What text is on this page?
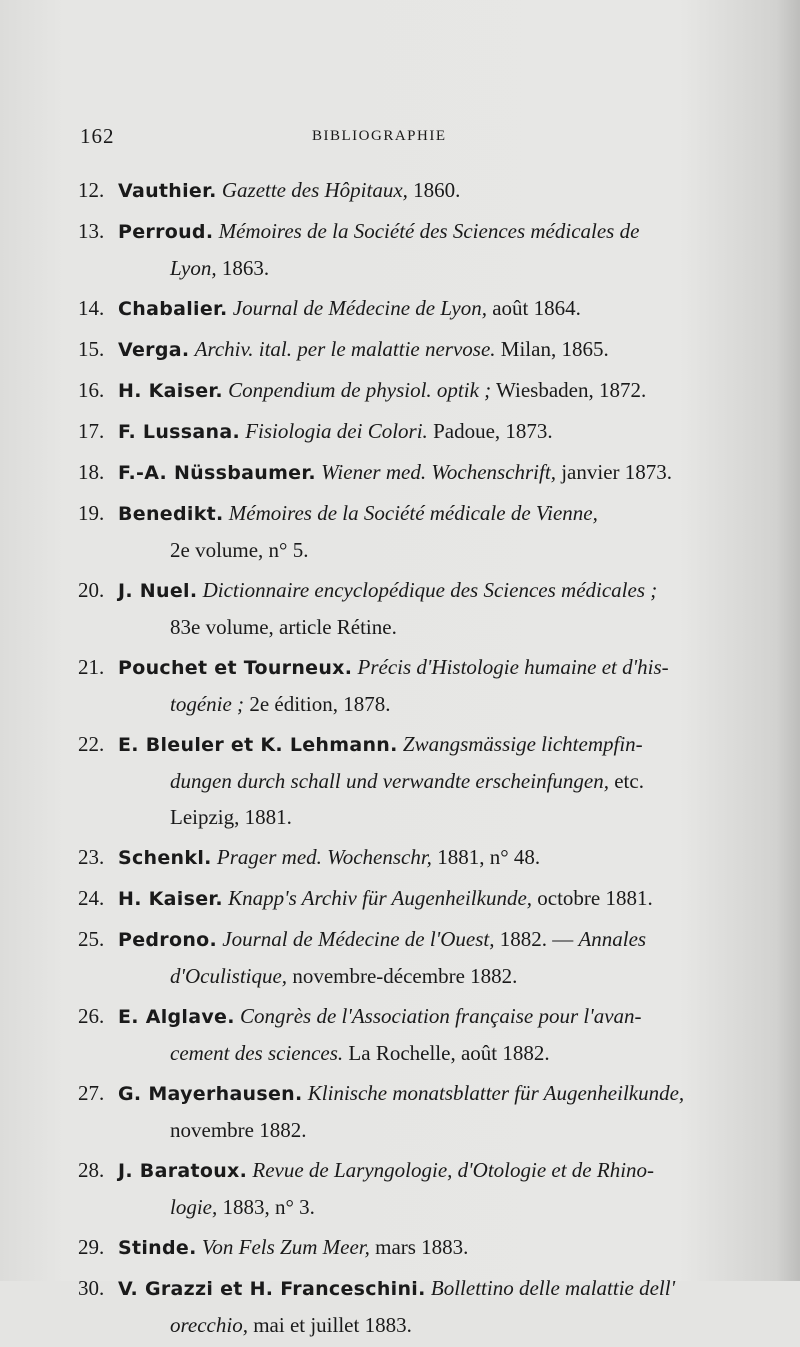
162	BIBLIOGRAPHIE
12. Vauthier. Gazette des Hôpitaux, 1860.
13. Perroud. Mémoires de la Société des Sciences médicales de
Lyon, 1863.
14. Chabalier. Journal de Médecine de Lyon, août 1864.
15. Verga. Archiv. ital. per le malattie nervose. Milan, 1865.
16. H. Kaiser. Conpendium de physiol. optik ; Wiesbaden, 1872.
17. F. Lussana. Fisiologia dei Colori. Padoue, 1873.
18. F.-A. Nüssbaumer. Wiener med. Wochenschrift, janvier 1873.
19. Benedikt. Mémoires de la Société médicale de Vienne,
2e volume, n° 5.
20. J. Nuel. Dictionnaire encyclopédique des Sciences médicales ;
83e volume, article Rétine.
21. Pouchet et Tourneux. Précis d'Histologie humaine et d'his-
togénie ; 2e édition, 1878.
22. E. Bleuler et K. Lehmann. Zwangsmässige lichtempfin-
dungen durch schall und verwandte erscheinfungen, etc.
Leipzig, 1881.
23. Schenkl. Prager med. Wochenschr, 1881, n° 48.
24. H. Kaiser. Knapp's Archiv für Augenheilkunde, octobre 1881.
25. Pedrono. Journal de Médecine de l'Ouest, 1882. — Annales
d'Oculistique, novembre-décembre 1882.
26. E. Alglave. Congrès de l'Association française pour l'avan-
cement des sciences. La Rochelle, août 1882.
27. G. Mayerhausen. Klinische monatsblatter für Augenheilkunde,
novembre 1882.
28. J. Baratoux. Revue de Laryngologie, d'Otologie et de Rhino-
logie, 1883, n° 3.
29. Stinde. Von Fels Zum Meer, mars 1883.
30. V. Grazzi et H. Franceschini. Bollettino delle malattie dell'
orecchio, mai et juillet 1883.
